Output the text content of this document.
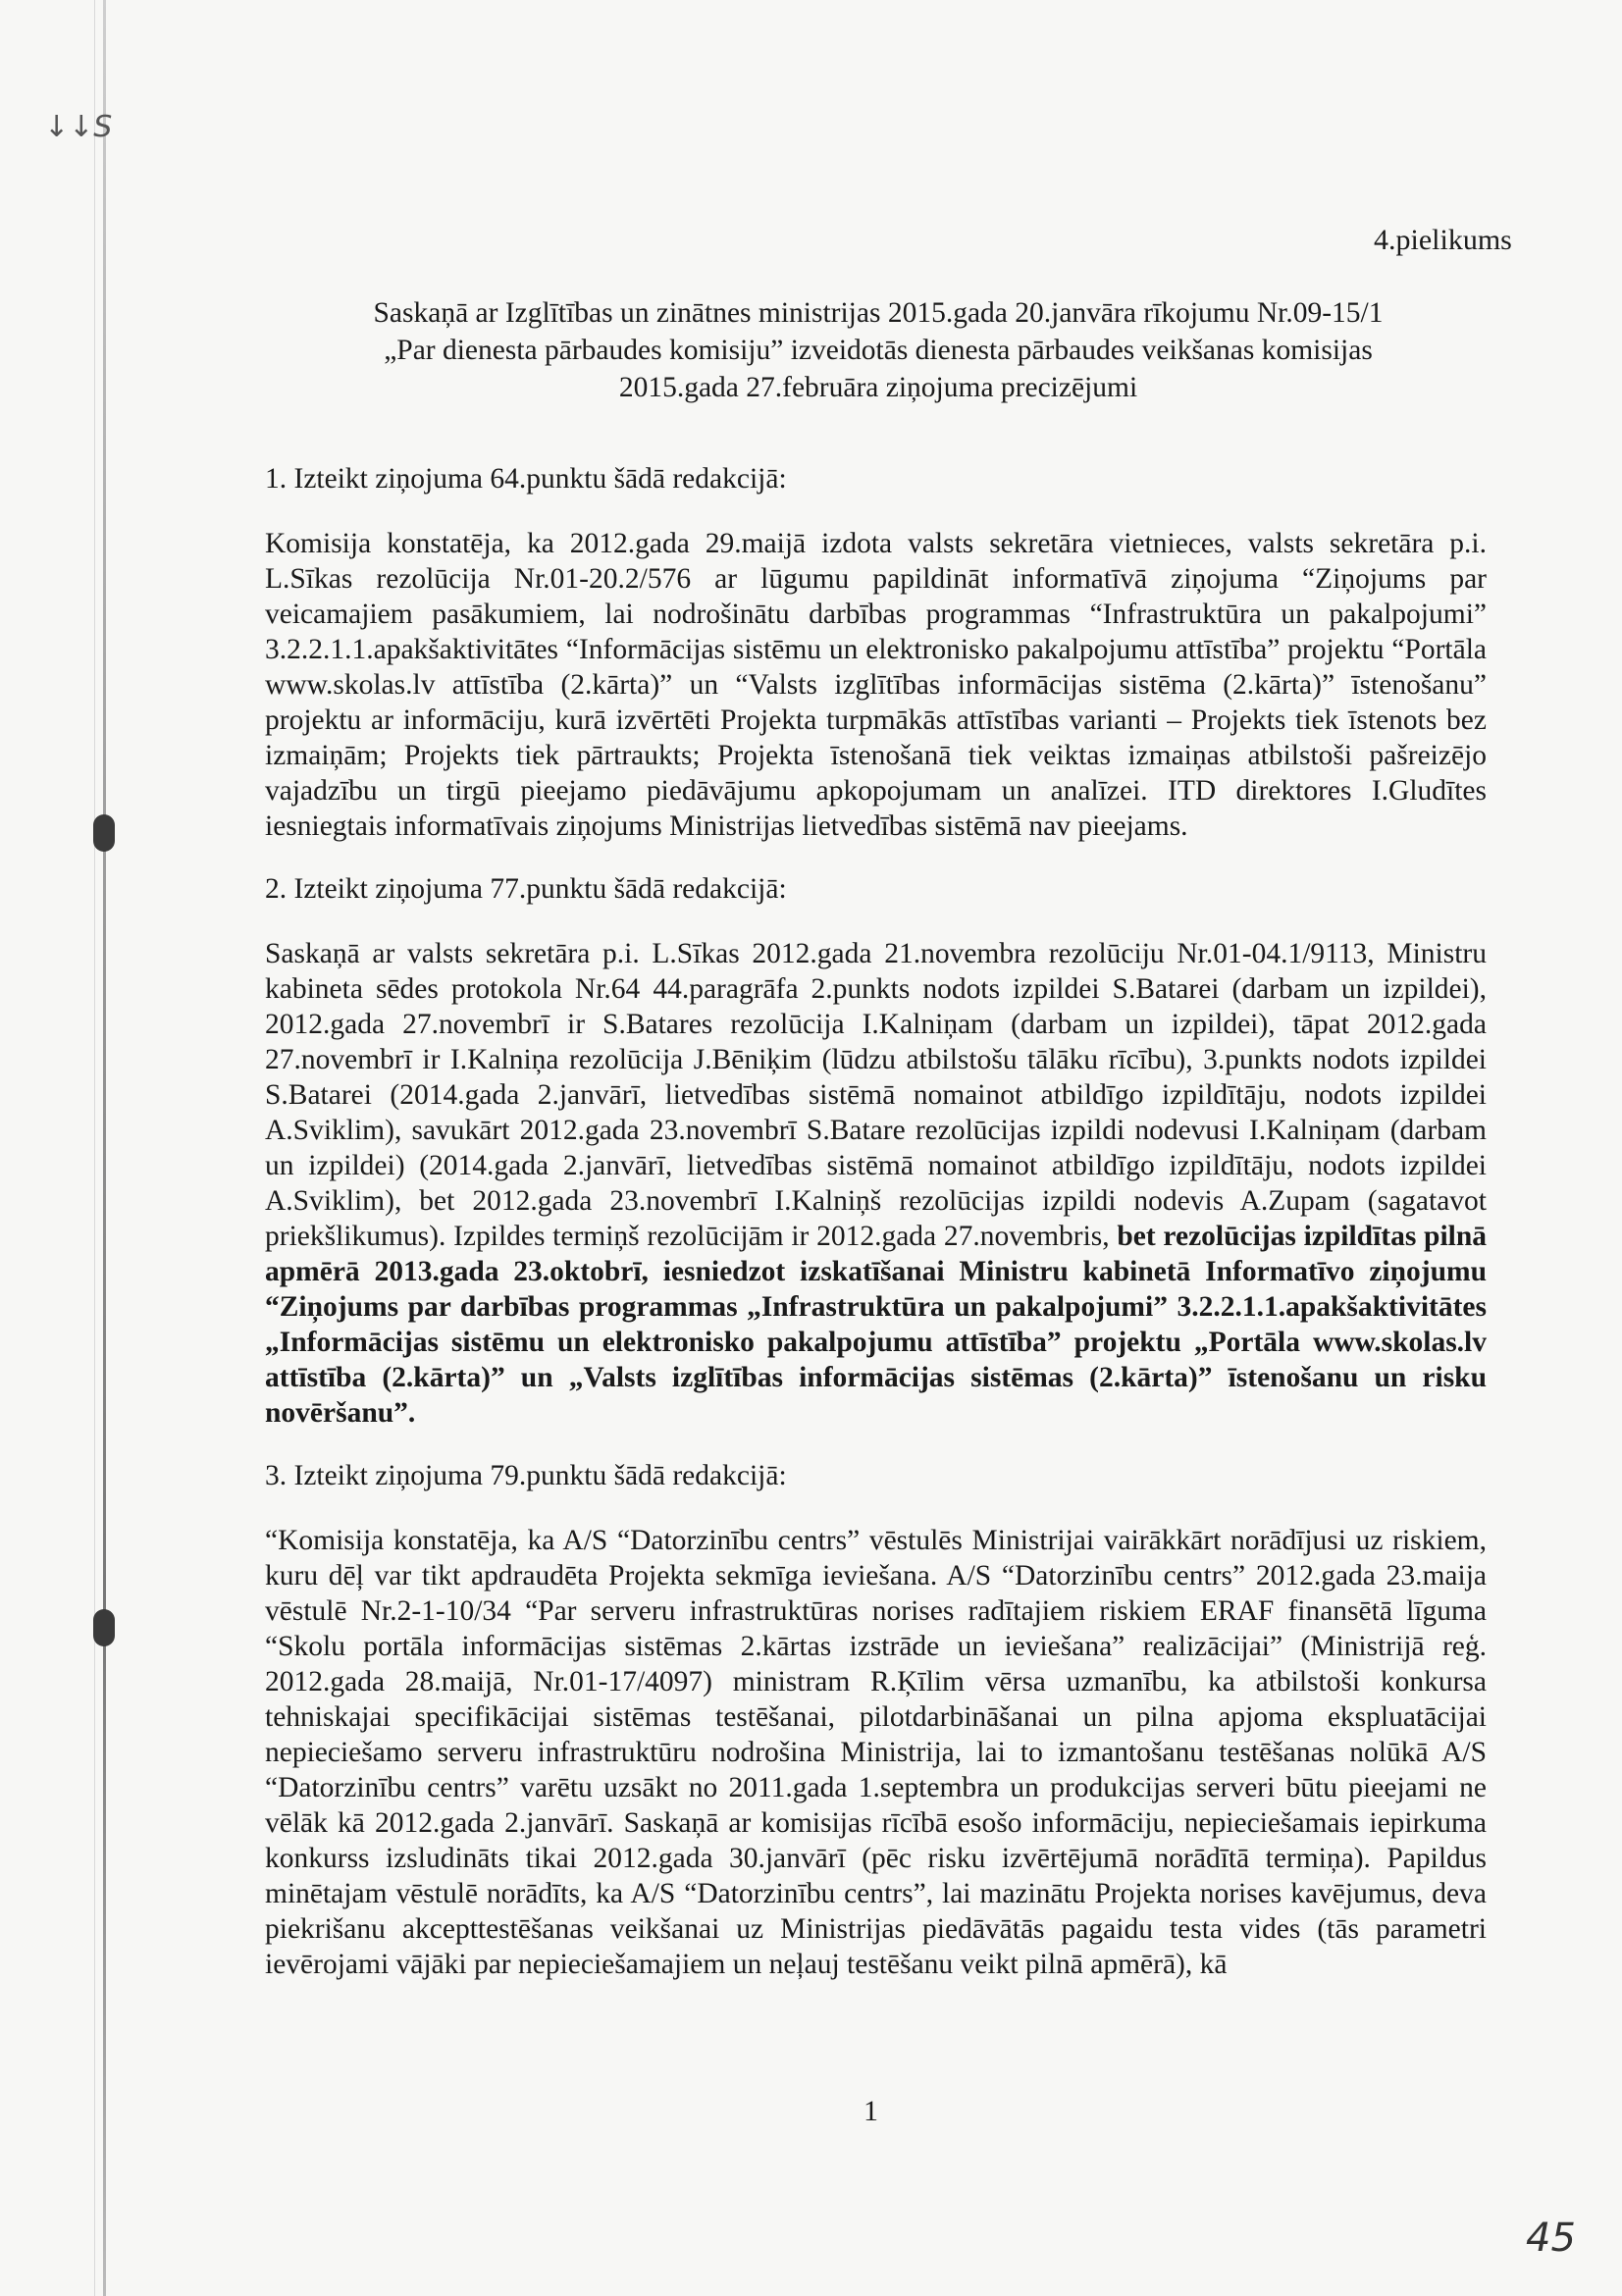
↓↓S
4.pielikums
Saskaņā ar Izglītības un zinātnes ministrijas 2015.gada 20.janvāra rīkojumu Nr.09-15/1
„Par dienesta pārbaudes komisiju” izveidotās dienesta pārbaudes veikšanas komisijas
2015.gada 27.februāra ziņojuma precizējumi

1. Izteikt ziņojuma 64.punktu šādā redakcijā:

Komisija konstatēja, ka 2012.gada 29.maijā izdota valsts sekretāra vietnieces, valsts sekretāra p.i. L.Sīkas rezolūcija Nr.01-20.2/576 ar lūgumu papildināt informatīvā ziņojuma “Ziņojums par veicamajiem pasākumiem, lai nodrošinātu darbības programmas “Infrastruktūra un pakalpojumi” 3.2.2.1.1.apakšaktivitātes “Informācijas sistēmu un elektronisko pakalpojumu attīstība” projektu “Portāla www.skolas.lv attīstība (2.kārta)” un “Valsts izglītības informācijas sistēma (2.kārta)” īstenošanu” projektu ar informāciju, kurā izvērtēti Projekta turpmākās attīstības varianti – Projekts tiek īstenots bez izmaiņām; Projekts tiek pārtraukts; Projekta īstenošanā tiek veiktas izmaiņas atbilstoši pašreizējo vajadzību un tirgū pieejamo piedāvājumu apkopojumam un analīzei. ITD direktores I.Gludītes iesniegtais informatīvais ziņojums Ministrijas lietvedības sistēmā nav pieejams.

2. Izteikt ziņojuma 77.punktu šādā redakcijā:

Saskaņā ar valsts sekretāra p.i. L.Sīkas 2012.gada 21.novembra rezolūciju Nr.01-04.1/9113, Ministru kabineta sēdes protokola Nr.64 44.paragrāfa 2.punkts nodots izpildei S.Batarei (darbam un izpildei), 2012.gada 27.novembrī ir S.Batares rezolūcija I.Kalniņam (darbam un izpildei), tāpat 2012.gada 27.novembrī ir I.Kalniņa rezolūcija J.Bēniķim (lūdzu atbilstošu tālāku rīcību), 3.punkts nodots izpildei S.Batarei (2014.gada 2.janvārī, lietvedības sistēmā nomainot atbildīgo izpildītāju, nodots izpildei A.Sviklim), savukārt 2012.gada 23.novembrī S.Batare rezolūcijas izpildi nodevusi I.Kalniņam (darbam un izpildei) (2014.gada 2.janvārī, lietvedības sistēmā nomainot atbildīgo izpildītāju, nodots izpildei A.Sviklim), bet 2012.gada 23.novembrī I.Kalniņš rezolūcijas izpildi nodevis A.Zupam (sagatavot priekšlikumus). Izpildes termiņš rezolūcijām ir 2012.gada 27.novembris, bet rezolūcijas izpildītas pilnā apmērā 2013.gada 23.oktobrī, iesniedzot izskatīšanai Ministru kabinetā Informatīvo ziņojumu “Ziņojums par darbības programmas „Infrastruktūra un pakalpojumi” 3.2.2.1.1.apakšaktivitātes „Informācijas sistēmu un elektronisko pakalpojumu attīstība” projektu „Portāla www.skolas.lv attīstība (2.kārta)” un „Valsts izglītības informācijas sistēmas (2.kārta)” īstenošanu un risku novēršanu”.

3. Izteikt ziņojuma 79.punktu šādā redakcijā:

“Komisija konstatēja, ka A/S “Datorzinību centrs” vēstulēs Ministrijai vairākkārt norādījusi uz riskiem, kuru dēļ var tikt apdraudēta Projekta sekmīga ieviešana. A/S “Datorzinību centrs” 2012.gada 23.maija vēstulē Nr.2-1-10/34 “Par serveru infrastruktūras norises radītajiem riskiem ERAF finansētā līguma “Skolu portāla informācijas sistēmas 2.kārtas izstrāde un ieviešana” realizācijai” (Ministrijā reģ. 2012.gada 28.maijā, Nr.01-17/4097) ministram R.Ķīlim vērsa uzmanību, ka atbilstoši konkursa tehniskajai specifikācijai sistēmas testēšanai, pilotdarbināšanai un pilna apjoma ekspluatācijai nepieciešamo serveru infrastruktūru nodrošina Ministrija, lai to izmantošanu testēšanas nolūkā A/S “Datorzinību centrs” varētu uzsākt no 2011.gada 1.septembra un produkcijas serveri būtu pieejami ne vēlāk kā 2012.gada 2.janvārī. Saskaņā ar komisijas rīcībā esošo informāciju, nepieciešamais iepirkuma konkurss izsludināts tikai 2012.gada 30.janvārī (pēc risku izvērtējumā norādītā termiņa). Papildus minētajam vēstulē norādīts, ka A/S “Datorzinību centrs”, lai mazinātu Projekta norises kavējumus, deva piekrišanu akcepttestēšanas veikšanai uz Ministrijas piedāvātās pagaidu testa vides (tās parametri ievērojami vājāki par nepieciešamajiem un neļauj testēšanu veikt pilnā apmērā), kā

1
45
